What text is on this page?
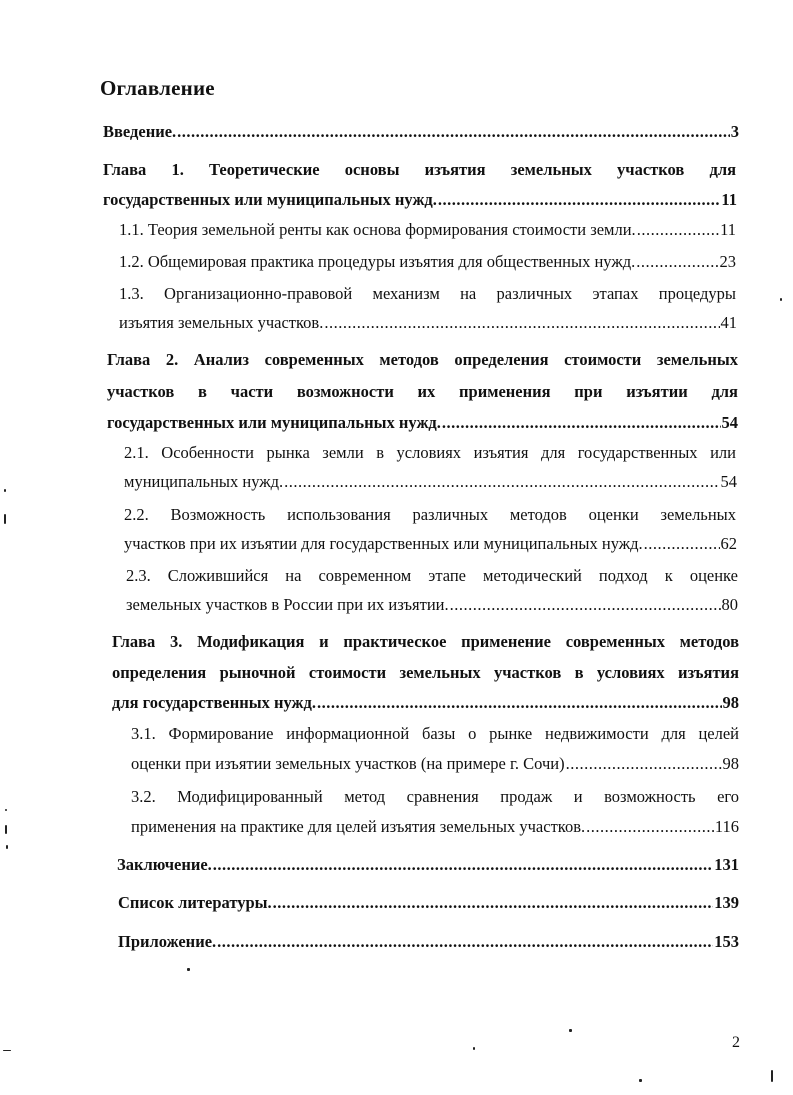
Оглавление
Введение. .....	3
Глава 1. Теоретические основы изъятия земельных участков для
государственных или муниципальных нужд. .....	11
1.1. Теория земельной ренты как основа формирования стоимости земли. .....	11
1.2. Общемировая практика процедуры изъятия для общественных нужд. .....	23
1.3. Организационно-правовой механизм на различных этапах процедуры
изъятия земельных участков. .....	41
Глава 2. Анализ современных методов определения стоимости земельных
участков в части возможности их применения при изъятии для
государственных или муниципальных нужд. .....	54
2.1. Особенности рынка земли в условиях изъятия для государственных или
муниципальных нужд. .....	54
2.2. Возможность использования различных методов оценки земельных
участков при их изъятии для государственных или муниципальных нужд. .....	62
2.3. Сложившийся на современном этапе методический подход к оценке
земельных участков в России при их изъятии. .....	80
Глава 3. Модификация и практическое применение современных методов
определения рыночной стоимости земельных участков в условиях изъятия
для государственных нужд. .....	98
3.1. Формирование информационной базы о рынке недвижимости для целей
оценки при изъятии земельных участков (на примере г. Сочи) .....	98
3.2. Модифицированный метод сравнения продаж и возможность его
применения на практике для целей изъятия земельных участков. .....	116
Заключение. .....	131
Список литературы. .....	139
Приложение. .....	153
2
